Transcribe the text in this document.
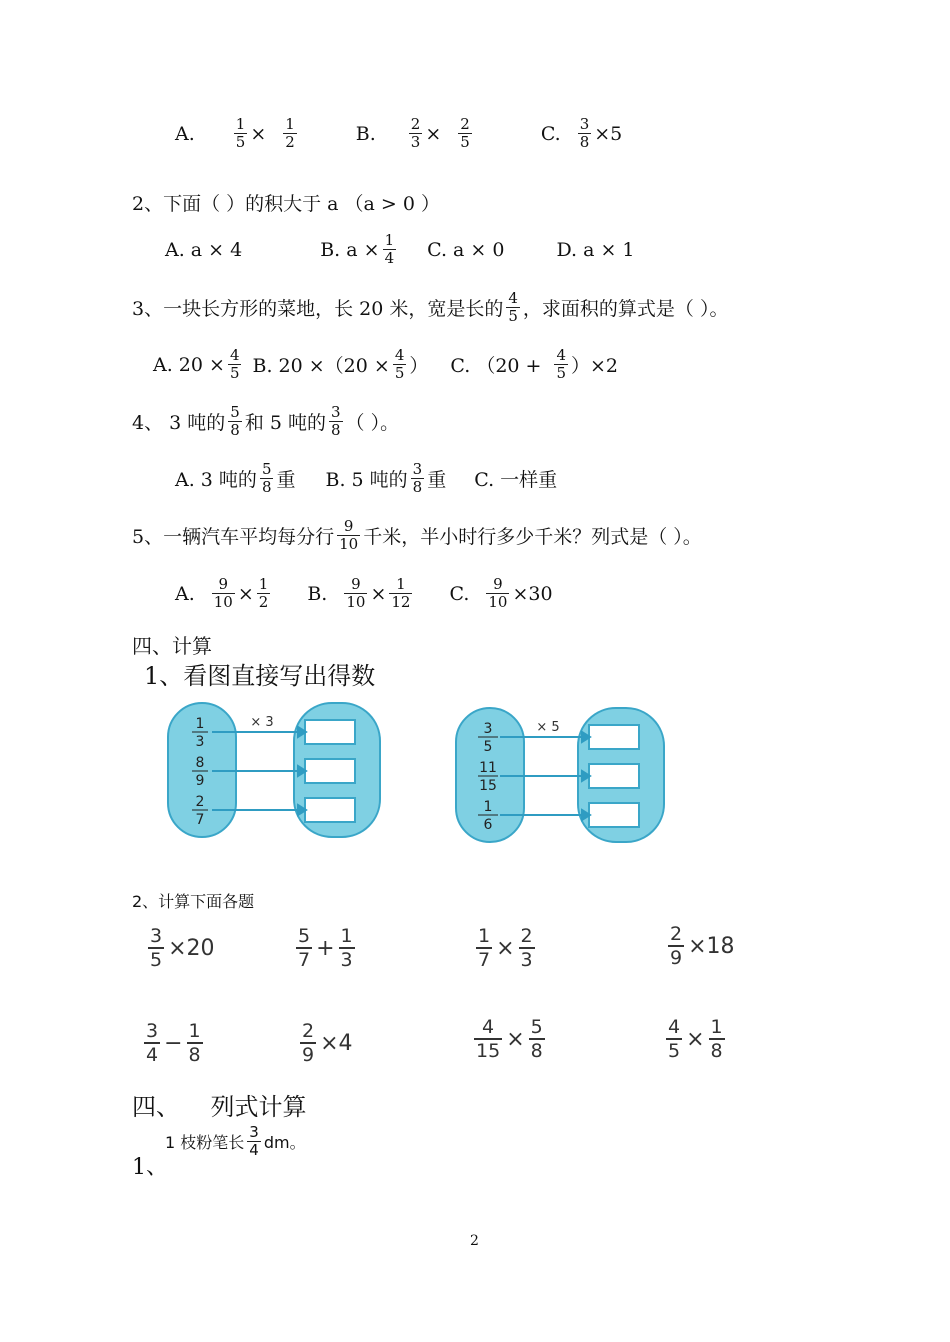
A.	$\frac{1}{5} \times \frac{1}{2}$	B. $\frac{2}{3} \times \frac{2}{5}$	C. $\frac{3}{8} \times 5$
2、下面（ ）的积大于 a （a > 0 ）
A. a × 4	B. $a \times \frac{1}{4} C$. a × 0	D. a × 1
3、一块长方形的菜地，长 20 米，宽是长的 $\frac{4}{5}$ ，求面积的算式是（ ）。
A. $20 \times \frac{4}{5} B$. $20 \times(20 \times \frac{4}{5}$ ） C. $(20 + \frac{4}{5} )\times 2$
4、 3 吨的 $\frac{5}{8}$ 和 5 吨的 $\frac{3}{8}$ （ ）。
A. 3 吨的 $\frac{5}{8}$ 重 B. 5 吨的 $\frac{3}{8}$ 重 C. 一样重
5、一辆汽车平均每分行 $\frac{9}{10}$ 千米，半小时行多少千米？列式是（ ）。
A. $\frac{9}{10} \times \frac{1}{2} B$. $\frac{9}{10} \times \frac{1}{12} C$. $\frac{9}{10} \times 30$
四、计算
1、看图直接写出得数
× 3
1
3
8
9
2
7
× 5
3
5
11
15
1
6
2、计算下面各题
$\frac{3}{5} \times 20$	$\frac{5}{7} + \frac{1}{3}$	$\frac{1}{7} \times \frac{2}{3}$	$\frac{2}{9} \times 18$
$\frac{3}{4} - \frac{1}{8}$	$\frac{2}{9} \times 4$	$\frac{4}{15} \times \frac{5}{8}$	$\frac{4}{5} \times \frac{1}{8}$
四、    列式计算
1、
1 枝粉笔长 $\frac{3}{4}$ dm。
2
